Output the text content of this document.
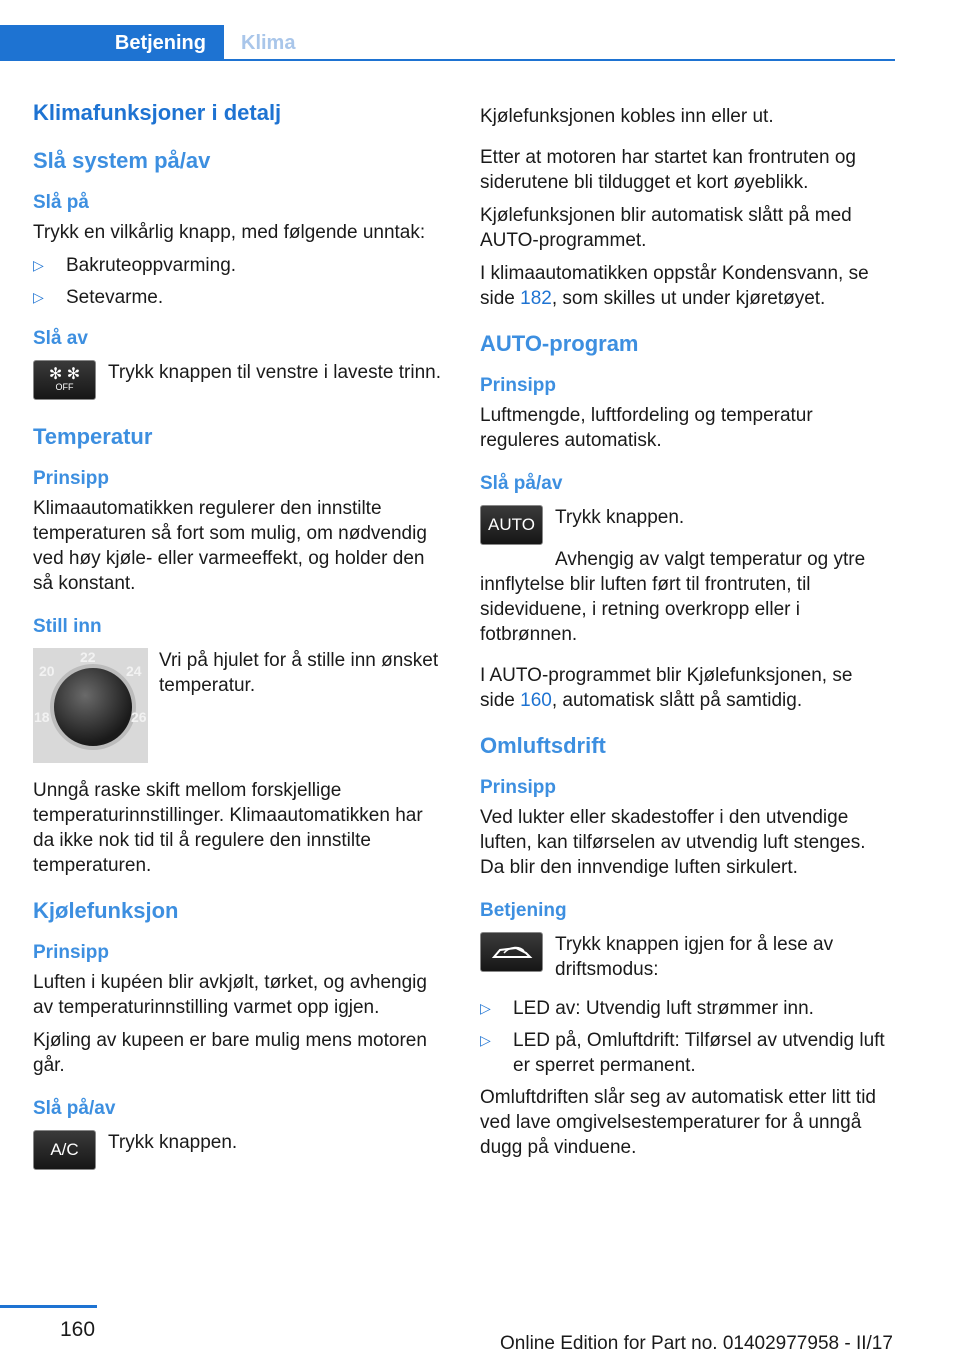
Betjening Klima
Klimafunksjoner i detalj
Slå system på/av
Slå på

Trykk en vilkårlig knapp, med følgende unntak:

▷ Bakruteoppvarming.
▷ Setevarme.
Slå av
✻ ✻
OFF

Trykk knappen til venstre i laveste trinn.

Temperatur
Prinsipp

Klimaautomatikken regulerer den innstilte temperaturen så fort som mulig, om nødvendig ved høy kjøle- eller varmeeffekt, og holder den så konstant.

Still inn
20
22
24
18	26

Vri på hjulet for å stille inn ønsket temperatur.

Unngå raske skift mellom forskjellige temperaturinnstillinger. Klimaautomatikken har da ikke nok tid til å regulere den innstilte temperaturen.

Kjølefunksjon
Prinsipp

Luften i kupéen blir avkjølt, tørket, og avhengig av temperaturinnstilling varmet opp igjen.

Kjøling av kupeen er bare mulig mens motoren går.

Slå på/av
A/C	Trykk knappen.

Kjølefunksjonen kobles inn eller ut.

Etter at motoren har startet kan frontruten og siderutene bli tildugget et kort øyeblikk.

Kjølefunksjonen blir automatisk slått på med AUTO-programmet.

I klimaautomatikken oppstår Kondensvann, se side 182, som skilles ut under kjøretøyet.

AUTO-program
Prinsipp

Luftmengde, luftfordeling og temperatur reguleres automatisk.

Slå på/av
AUTO	Trykk knappen.

Avhengig av valgt temperatur og ytre innflytelse blir luften ført til frontruten, til sideviduene, i retning overkropp eller i fotbrønnen.

I AUTO-programmet blir Kjølefunksjonen, se side 160, automatisk slått på samtidig.

Omluftsdrift
Prinsipp

Ved lukter eller skadestoffer i den utvendige luften, kan tilførselen av utvendig luft stenges. Da blir den innvendige luften sirkulert.

Betjening

Trykk knappen igjen for å lese av driftsmodus:

▷ LED av: Utvendig luft strømmer inn.
▷ LED på, Omluftdrift: Tilførsel av utvendig luft er sperret permanent.

Omluftdriften slår seg av automatisk etter litt tid ved lave omgivelsestemperaturer for å unngå dugg på vinduene.

160
Online Edition for Part no. 01402977958 - II/17
